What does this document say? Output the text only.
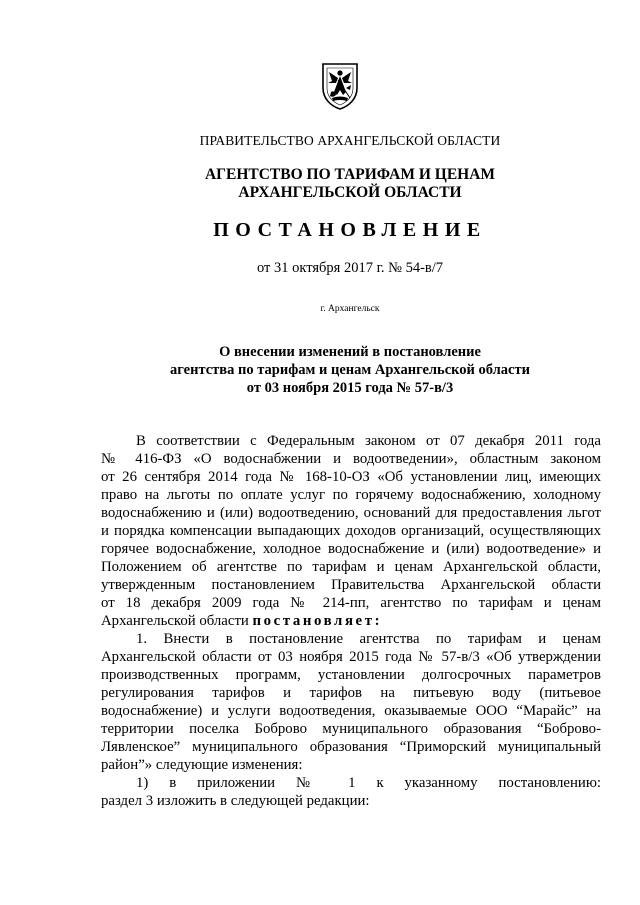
ПРАВИТЕЛЬСТВО АРХАНГЕЛЬСКОЙ ОБЛАСТИ
АГЕНТСТВО ПО ТАРИФАМ И ЦЕНАМ
АРХАНГЕЛЬСКОЙ ОБЛАСТИ
ПОСТАНОВЛЕНИЕ
от 31 октября 2017 г. № 54-в/7
г. Архангельск
О внесении изменений в постановление
агентства по тарифам и ценам Архангельской области
от 03 ноября 2015 года № 57-в/3
В соответствии с Федеральным законом от 07 декабря 2011 года
№ 416-ФЗ «О водоснабжении и водоотведении», областным законом
от 26 сентября 2014 года № 168-10-ОЗ «Об установлении лиц, имеющих
право на льготы по оплате услуг по горячему водоснабжению, холодному
водоснабжению и (или) водоотведению, оснований для предоставления льгот
и порядка компенсации выпадающих доходов организаций, осуществляющих
горячее водоснабжение, холодное водоснабжение и (или) водоотведение» и
Положением об агентстве по тарифам и ценам Архангельской области,
утвержденным постановлением Правительства Архангельской области
от 18 декабря 2009 года № 214-пп, агентство по тарифам и ценам
Архангельской области постановляет:
1. Внести в постановление агентства по тарифам и ценам
Архангельской области от 03 ноября 2015 года № 57-в/3 «Об утверждении
производственных программ, установлении долгосрочных параметров
регулирования тарифов и тарифов на питьевую воду (питьевое
водоснабжение) и услуги водоотведения, оказываемые ООО “Марайс” на
территории поселка Боброво муниципального образования “Боброво-
Лявленское” муниципального образования “Приморский муниципальный
район”» следующие изменения:
1) в приложении № 1 к указанному постановлению:
раздел 3 изложить в следующей редакции:
